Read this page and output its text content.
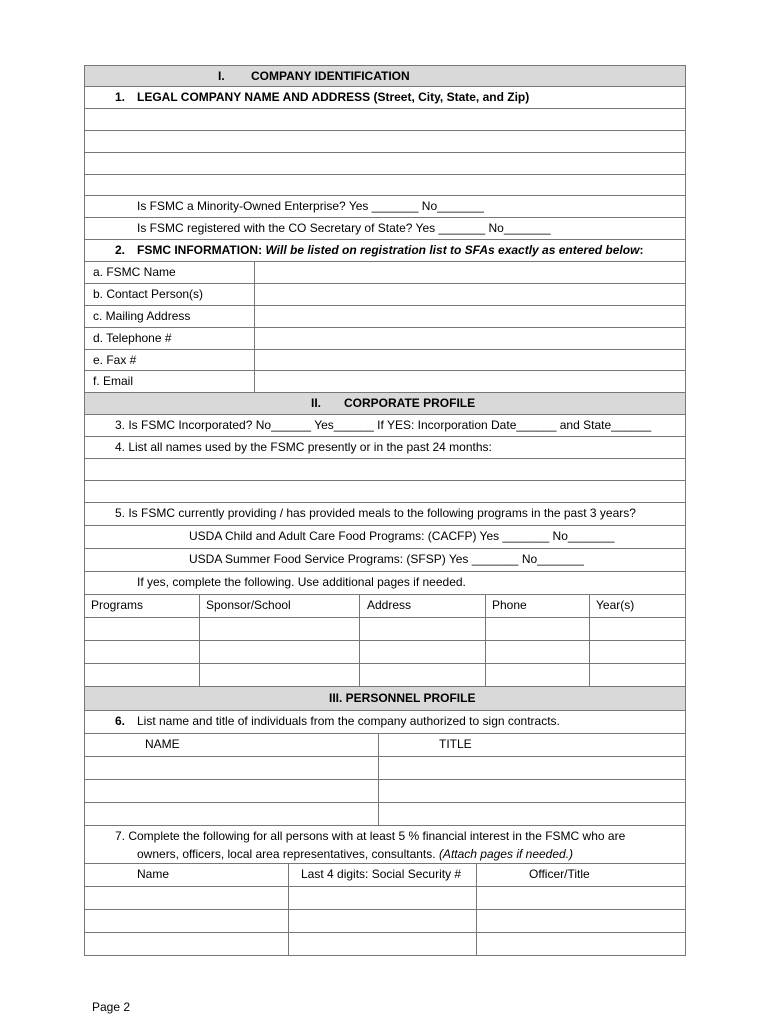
I. COMPANY IDENTIFICATION
1. LEGAL COMPANY NAME AND ADDRESS (Street, City, State, and Zip)
Is FSMC a Minority-Owned Enterprise? Yes _______ No_______
Is FSMC registered with the CO Secretary of State? Yes _______ No_______
2. FSMC INFORMATION: Will be listed on registration list to SFAs exactly as entered below:
a. FSMC Name
b. Contact Person(s)
c. Mailing Address
d. Telephone #
e. Fax #
f. Email
II. CORPORATE PROFILE
3. Is FSMC Incorporated? No______ Yes______ If YES: Incorporation Date______ and State______
4. List all names used by the FSMC presently or in the past 24 months:
5. Is FSMC currently providing / has provided meals to the following programs in the past 3 years?
USDA Child and Adult Care Food Programs: (CACFP) Yes _______ No_______
USDA Summer Food Service Programs: (SFSP) Yes _______ No_______
If yes, complete the following. Use additional pages if needed.
Programs	Sponsor/School	Address	Phone	Year(s)
III. PERSONNEL PROFILE
6. List name and title of individuals from the company authorized to sign contracts.
NAME	TITLE
7. Complete the following for all persons with at least 5 % financial interest in the FSMC who are
owners, officers, local area representatives, consultants. (Attach pages if needed.)
Name	Last 4 digits: Social Security #	Officer/Title
Page 2
